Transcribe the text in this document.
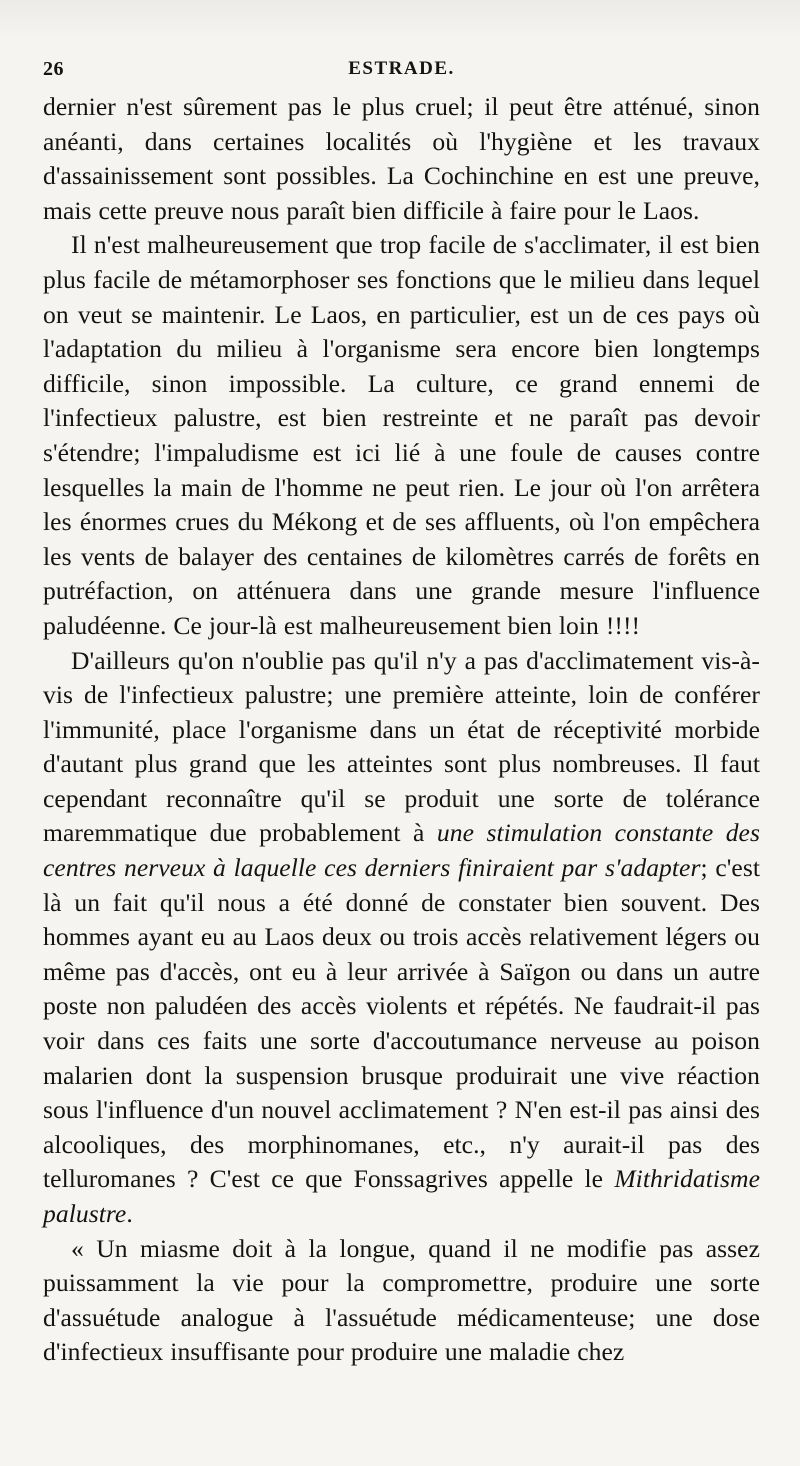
26	ESTRADE.

dernier n'est sûrement pas le plus cruel; il peut être atténué, sinon anéanti, dans certaines localités où l'hygiène et les travaux d'assainissement sont possibles. La Cochinchine en est une preuve, mais cette preuve nous paraît bien difficile à faire pour le Laos.

Il n'est malheureusement que trop facile de s'acclimater, il est bien plus facile de métamorphoser ses fonctions que le milieu dans lequel on veut se maintenir. Le Laos, en particulier, est un de ces pays où l'adaptation du milieu à l'organisme sera encore bien longtemps difficile, sinon impossible. La culture, ce grand ennemi de l'infectieux palustre, est bien restreinte et ne paraît pas devoir s'étendre; l'impaludisme est ici lié à une foule de causes contre lesquelles la main de l'homme ne peut rien. Le jour où l'on arrêtera les énormes crues du Mékong et de ses affluents, où l'on empêchera les vents de balayer des centaines de kilomètres carrés de forêts en putréfaction, on atténuera dans une grande mesure l'influence paludéenne. Ce jour-là est malheureusement bien loin !!!!

D'ailleurs qu'on n'oublie pas qu'il n'y a pas d'acclimatement vis-à-vis de l'infectieux palustre; une première atteinte, loin de conférer l'immunité, place l'organisme dans un état de réceptivité morbide d'autant plus grand que les atteintes sont plus nombreuses. Il faut cependant reconnaître qu'il se produit une sorte de tolérance maremmatique due probablement à une stimulation constante des centres nerveux à laquelle ces derniers finiraient par s'adapter; c'est là un fait qu'il nous a été donné de constater bien souvent. Des hommes ayant eu au Laos deux ou trois accès relativement légers ou même pas d'accès, ont eu à leur arrivée à Saïgon ou dans un autre poste non paludéen des accès violents et répétés. Ne faudrait-il pas voir dans ces faits une sorte d'accoutumance nerveuse au poison malarien dont la suspension brusque produirait une vive réaction sous l'influence d'un nouvel acclimatement ? N'en est-il pas ainsi des alcooliques, des morphinomanes, etc., n'y aurait-il pas des telluromanes ? C'est ce que Fonssagrives appelle le Mithridatisme palustre.

« Un miasme doit à la longue, quand il ne modifie pas assez puissamment la vie pour la compromettre, produire une sorte d'assuétude analogue à l'assuétude médicamenteuse; une dose d'infectieux insuffisante pour produire une maladie chez
